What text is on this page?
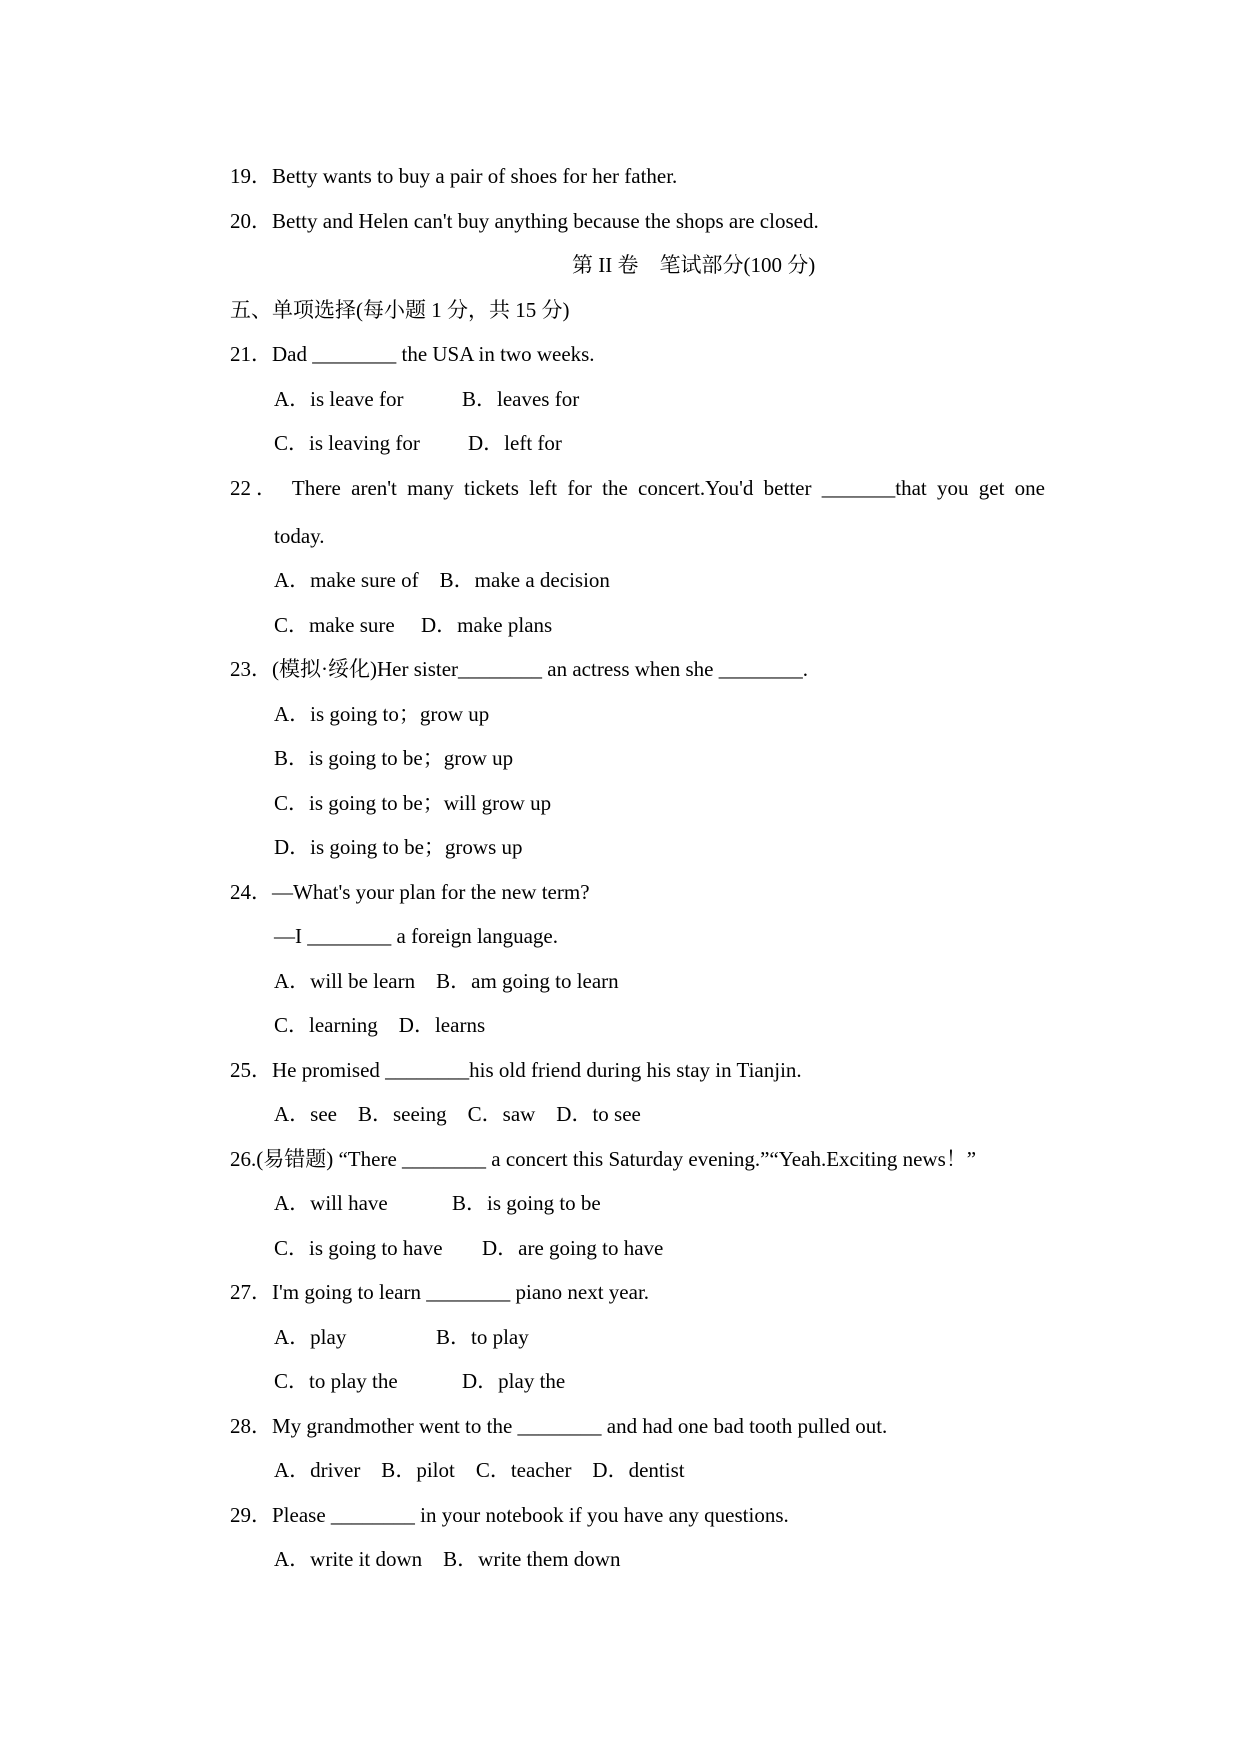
19．Betty wants to buy a pair of shoes for her father.
20．Betty and Helen can't buy anything because the shops are closed.
第 II 卷　笔试部分(100 分)
五、单项选择(每小题 1 分，共 15 分)
21．Dad ________ the USA in two weeks.
A．is leave for	B．leaves for
C．is leaving for D．left for
22． There aren't many tickets left for the concert.You'd better _______that you get one
today.
A．make sure of　B．make a decision
C．make sure　 D．make plans
23．(模拟·绥化)Her sister________ an actress when she ________.
A．is going to；grow up
B．is going to be；grow up
C．is going to be；will grow up
D．is going to be；grows up
24．—What's your plan for the new term?
—I ________ a foreign language.
A．will be learn　B．am going to learn
C．learning　D．learns
25．He promised ________his old friend during his stay in Tianjin.
A．see　B．seeing　C．saw　D．to see
26.(易错题) “There ________ a concert this Saturday evening.”“Yeah.Exciting news！”
A．will have	B．is going to be
C．is going to have D．are going to have
27．I'm going to learn ________ piano next year.
A．play	B．to play
C．to play the	D．play the
28．My grandmother went to the ________ and had one bad tooth pulled out.
A．driver　B．pilot　C．teacher　D．dentist
29．Please ________ in your notebook if you have any questions.
A．write it down　B．write them down
